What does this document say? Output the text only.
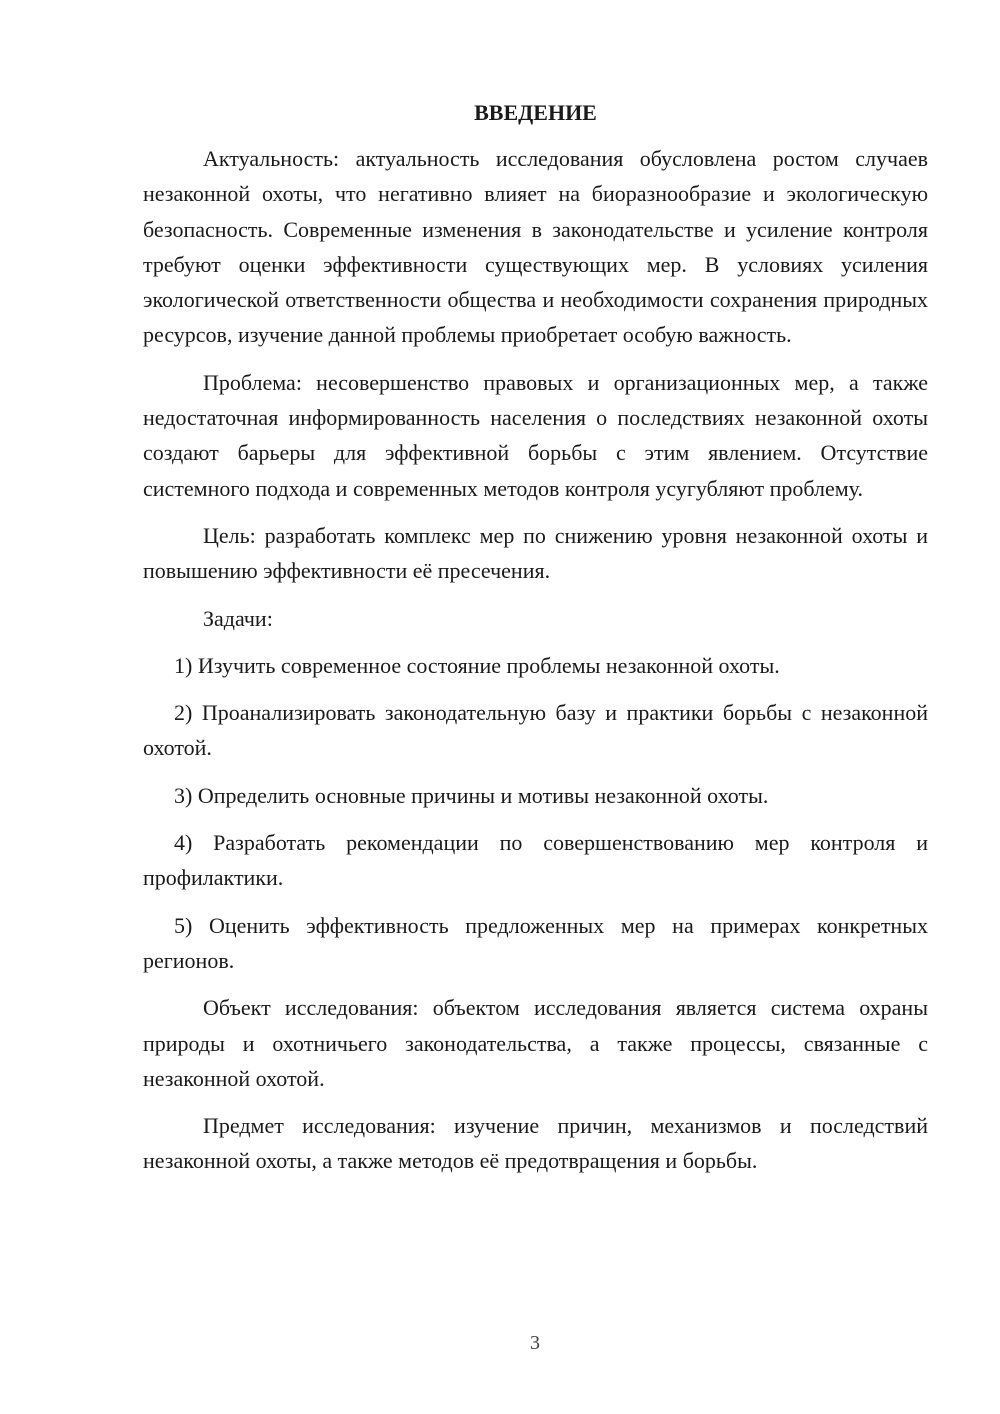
ВВЕДЕНИЕ

Актуальность: актуальность исследования обусловлена ростом случаев незаконной охоты, что негативно влияет на биоразнообразие и экологическую безопасность. Современные изменения в законодательстве и усиление контроля требуют оценки эффективности существующих мер. В условиях усиления экологической ответственности общества и необходимости сохранения природных ресурсов, изучение данной проблемы приобретает особую важность.

Проблема: несовершенство правовых и организационных мер, а также недостаточная информированность населения о последствиях незаконной охоты создают барьеры для эффективной борьбы с этим явлением. Отсутствие системного подхода и современных методов контроля усугубляют проблему.

Цель: разработать комплекс мер по снижению уровня незаконной охоты и повышению эффективности её пресечения.

Задачи:

1) Изучить современное состояние проблемы незаконной охоты.

2) Проанализировать законодательную базу и практики борьбы с незаконной охотой.

3) Определить основные причины и мотивы незаконной охоты.

4) Разработать рекомендации по совершенствованию мер контроля и профилактики.

5) Оценить эффективность предложенных мер на примерах конкретных регионов.

Объект исследования: объектом исследования является система охраны природы и охотничьего законодательства, а также процессы, связанные с незаконной охотой.

Предмет исследования: изучение причин, механизмов и последствий незаконной охоты, а также методов её предотвращения и борьбы.

3
